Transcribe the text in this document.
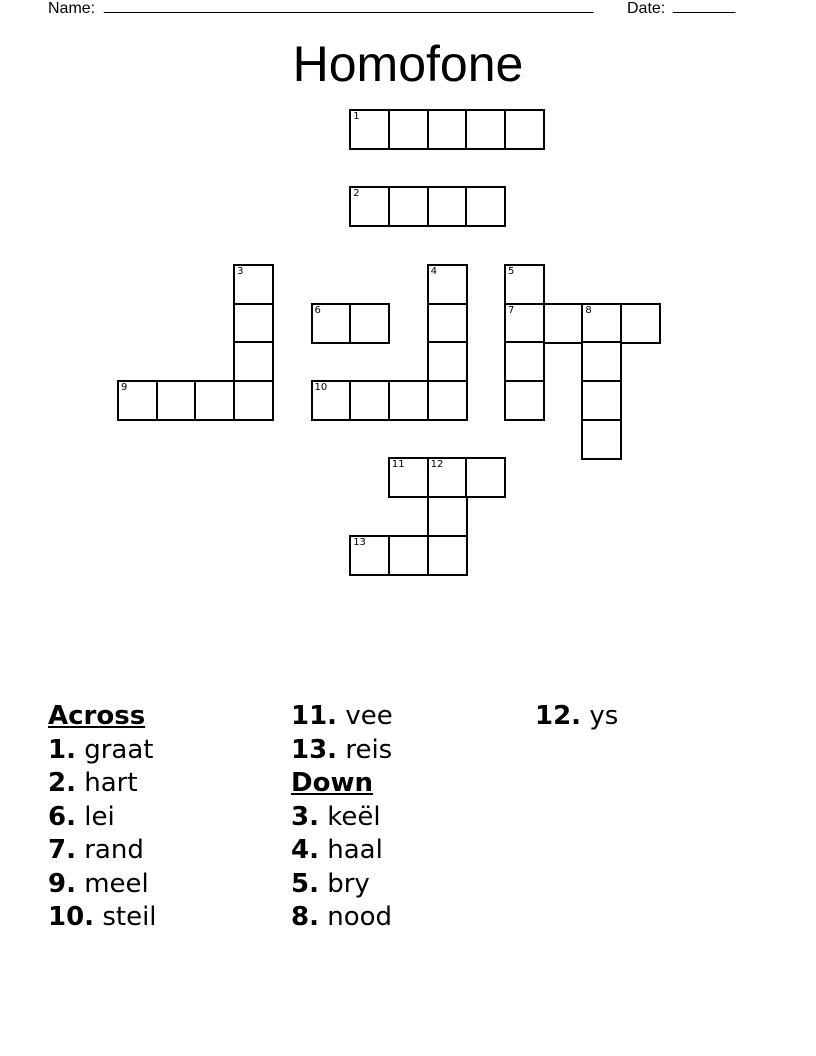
Name: _______________________________________________________ Date: _______
Homofone
1
2
3	4	5
7
6	8
9	10
11	12
13
Across
1. graat
2. hart
6. lei
7. rand
9. meel
10. steil
11. vee
13. reis
Down
3. keël
4. haal
5. bry
8. nood
12. ys
